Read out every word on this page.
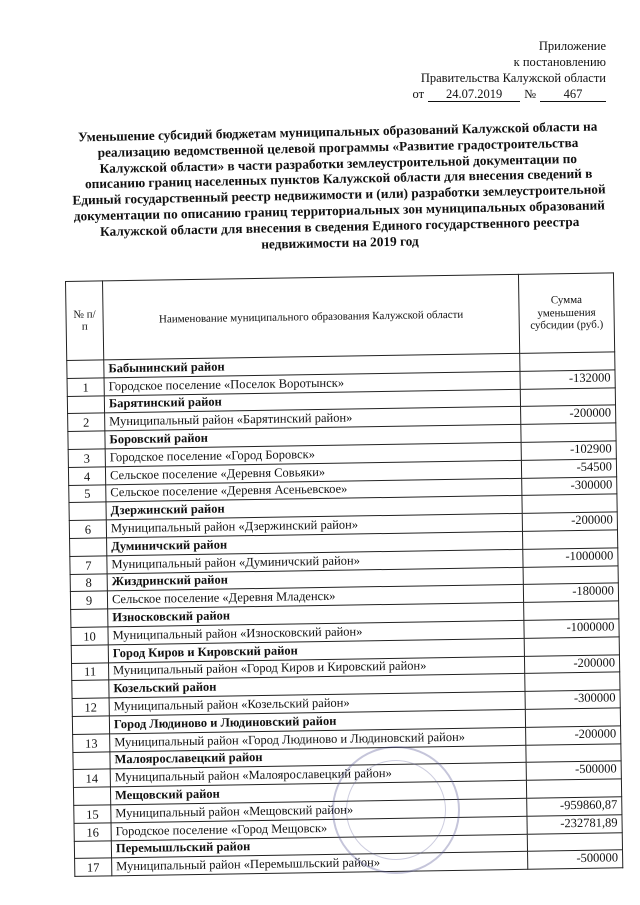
Приложение
к постановлению
Правительства Калужской области
от	24.07.2019	№	467
Уменьшение субсидий бюджетам муниципальных образований Калужской области на реализацию ведомственной целевой программы «Развитие градостроительства Калужской области» в части разработки землеустроительной документации по описанию границ населенных пунктов Калужской области для внесения сведений в Единый государственный реестр недвижимости и (или) разработки землеустроительной документации по описанию границ территориальных зон муниципальных образований Калужской области для внесения в сведения Единого государственного реестра недвижимости на 2019 год
№ п/п	Наименование муниципального образования Калужской области	Сумма уменьшения субсидии (руб.)
	Бабынинский район	
1	Городское поселение «Поселок Воротынск»	-132000
	Барятинский район	
2	Муниципальный район «Барятинский район»	-200000
	Боровский район	
3	Городское поселение «Город Боровск»	-102900
4	Сельское поселение «Деревня Совьяки»	-54500
5	Сельское поселение «Деревня Асеньевское»	-300000
	Дзержинский район	
6	Муниципальный район «Дзержинский район»	-200000
	Думиничский район	
7	Муниципальный район «Думиничский район»	-1000000
8	Жиздринский район	
9	Сельское поселение «Деревня Младенск»	-180000
	Износковский район	
10	Муниципальный район «Износковский район»	-1000000
	Город Киров и Кировский район	
11	Муниципальный район «Город Киров и Кировский район»	-200000
	Козельский район	
12	Муниципальный район «Козельский район»	-300000
	Город Людиново и Людиновский район	
13	Муниципальный район «Город Людиново и Людиновский район»	-200000
	Малоярославецкий район	
14	Муниципальный район «Малоярославецкий район»	-500000
	Мещовский район	
15	Муниципальный район «Мещовский район»	-959860,87
16	Городское поселение «Город Мещовск»	-232781,89
	Перемышльский район	
17	Муниципальный район «Перемышльский район»	-500000
